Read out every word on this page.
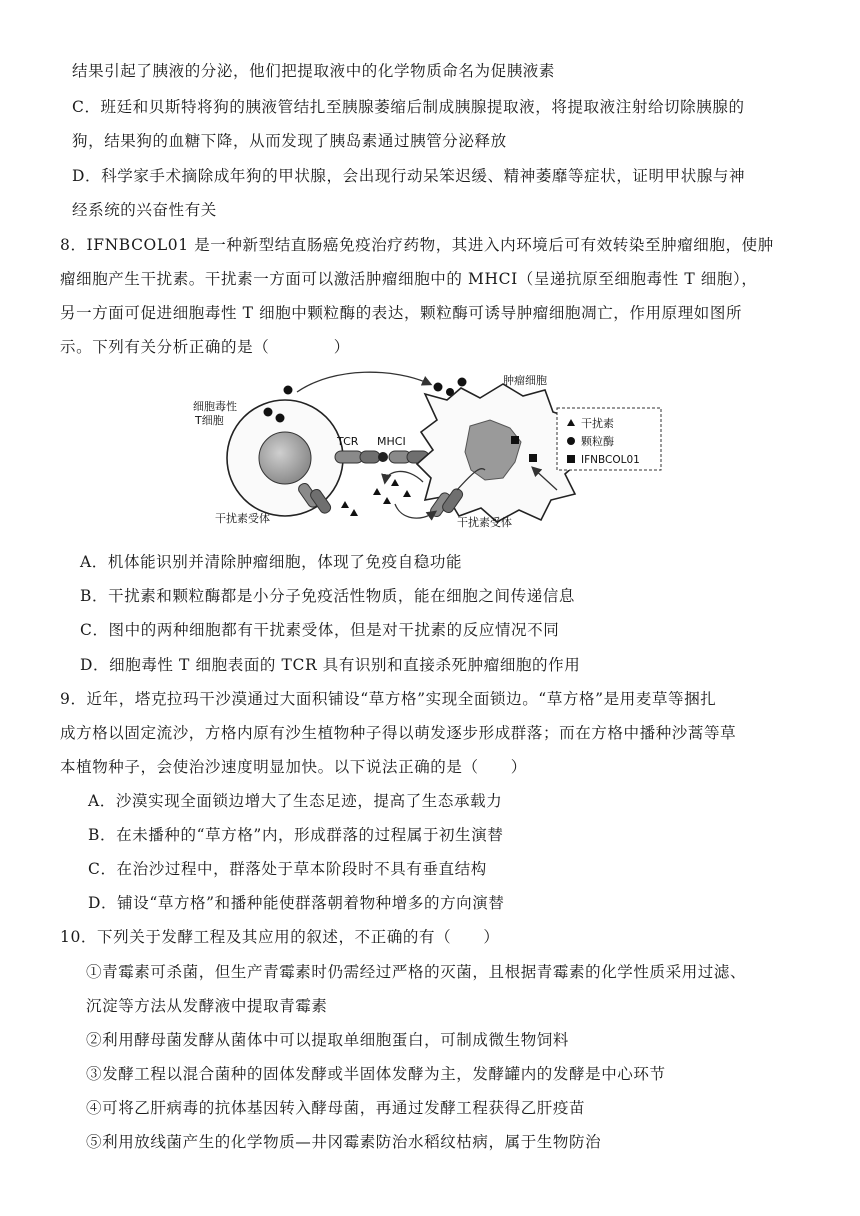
结果引起了胰液的分泌，他们把提取液中的化学物质命名为促胰液素
C．班廷和贝斯特将狗的胰液管结扎至胰腺萎缩后制成胰腺提取液，将提取液注射给切除胰腺的
狗，结果狗的血糖下降，从而发现了胰岛素通过胰管分泌释放
D．科学家手术摘除成年狗的甲状腺，会出现行动呆笨迟缓、精神萎靡等症状，证明甲状腺与神
经系统的兴奋性有关
8．IFNBCOL01 是一种新型结直肠癌免疫治疗药物，其进入内环境后可有效转染至肿瘤细胞，使肿
瘤细胞产生干扰素。干扰素一方面可以激活肿瘤细胞中的 MHCⅠ（呈递抗原至细胞毒性 T 细胞），
另一方面可促进细胞毒性 T 细胞中颗粒酶的表达，颗粒酶可诱导肿瘤细胞凋亡，作用原理如图所
示。下列有关分析正确的是（　　　　）
细胞毒性
T细胞
TCR MHCⅠ
肿瘤细胞
干扰素受体	干扰素受体
干扰素
颗粒酶
IFNBCOL01
A．机体能识别并清除肿瘤细胞，体现了免疫自稳功能
B．干扰素和颗粒酶都是小分子免疫活性物质，能在细胞之间传递信息
C．图中的两种细胞都有干扰素受体，但是对干扰素的反应情况不同
D．细胞毒性 T 细胞表面的 TCR 具有识别和直接杀死肿瘤细胞的作用
9．近年，塔克拉玛干沙漠通过大面积铺设“草方格”实现全面锁边。“草方格”是用麦草等捆扎
成方格以固定流沙，方格内原有沙生植物种子得以萌发逐步形成群落；而在方格中播种沙蒿等草
本植物种子，会使治沙速度明显加快。以下说法正确的是（　　）
A．沙漠实现全面锁边增大了生态足迹，提高了生态承载力
B．在未播种的“草方格”内，形成群落的过程属于初生演替
C．在治沙过程中，群落处于草本阶段时不具有垂直结构
D．铺设“草方格”和播种能使群落朝着物种增多的方向演替
10．下列关于发酵工程及其应用的叙述，不正确的有（　　）
①青霉素可杀菌，但生产青霉素时仍需经过严格的灭菌，且根据青霉素的化学性质采用过滤、
沉淀等方法从发酵液中提取青霉素
②利用酵母菌发酵从菌体中可以提取单细胞蛋白，可制成微生物饲料
③发酵工程以混合菌种的固体发酵或半固体发酵为主，发酵罐内的发酵是中心环节
④可将乙肝病毒的抗体基因转入酵母菌，再通过发酵工程获得乙肝疫苗
⑤利用放线菌产生的化学物质—井冈霉素防治水稻纹枯病，属于生物防治
